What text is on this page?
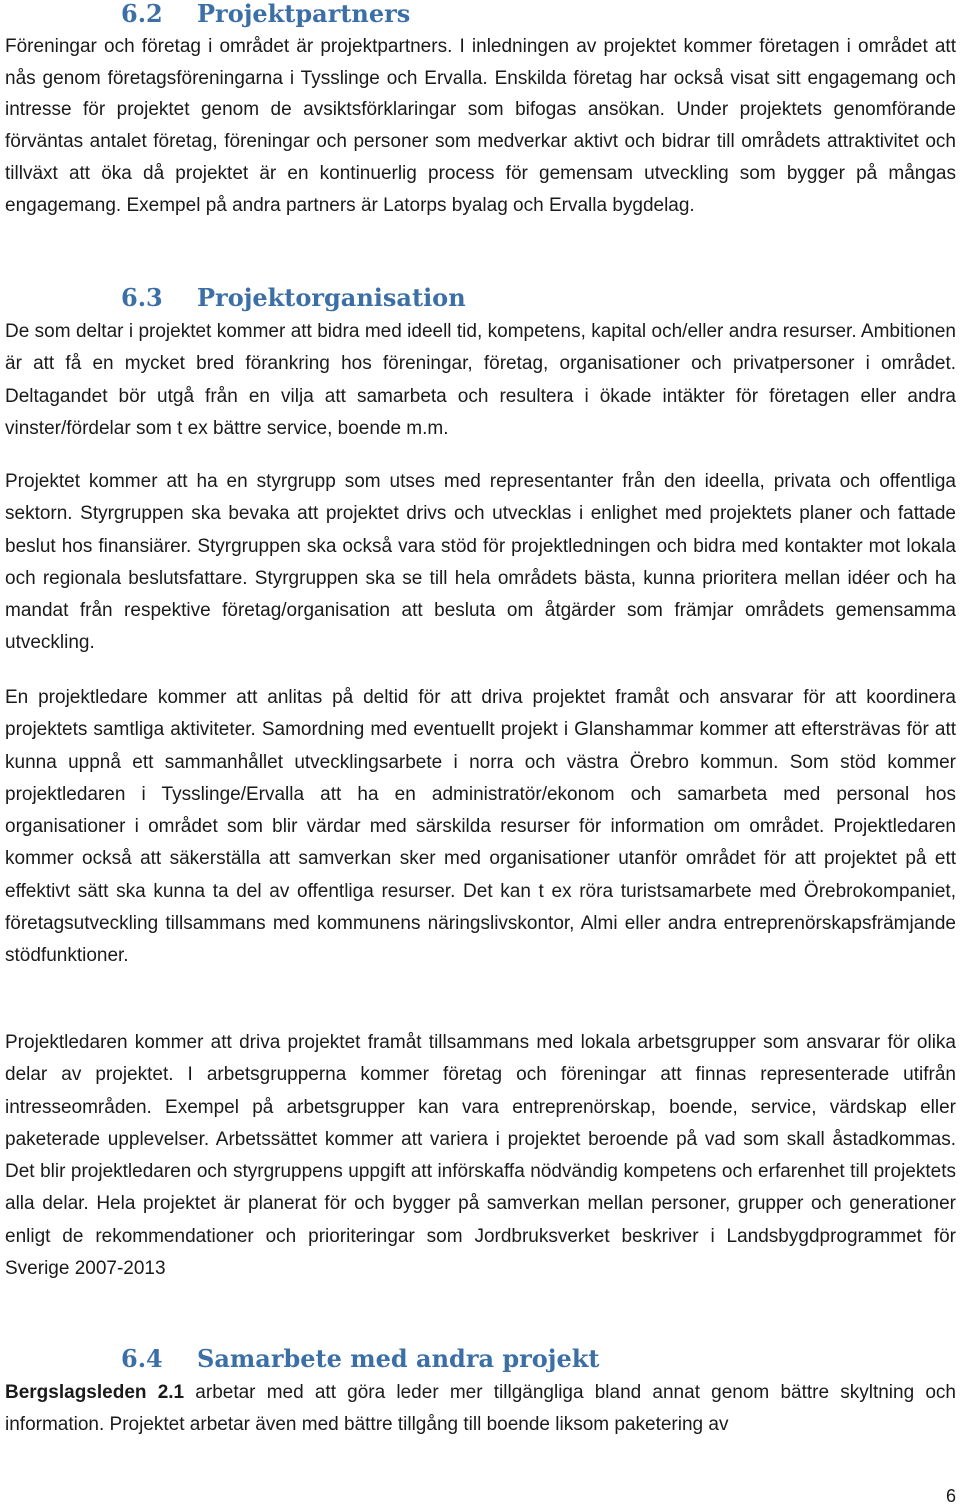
6.2 Projektpartners

Föreningar och företag i området är projektpartners. I inledningen av projektet kommer företagen i området att nås genom företagsföreningarna i Tysslinge och Ervalla. Enskilda företag har också visat sitt engagemang och intresse för projektet genom de avsiktsförklaringar som bifogas ansökan. Under projektets genomförande förväntas antalet företag, föreningar och personer som medverkar aktivt och bidrar till områdets attraktivitet och tillväxt att öka då projektet är en kontinuerlig process för gemensam utveckling som bygger på mångas engagemang. Exempel på andra partners är Latorps byalag och Ervalla bygdelag.

6.3 Projektorganisation

De som deltar i projektet kommer att bidra med ideell tid, kompetens, kapital och/eller andra resurser. Ambitionen är att få en mycket bred förankring hos föreningar, företag, organisationer och privatpersoner i området. Deltagandet bör utgå från en vilja att samarbeta och resultera i ökade intäkter för företagen eller andra vinster/fördelar som t ex bättre service, boende m.m.

Projektet kommer att ha en styrgrupp som utses med representanter från den ideella, privata och offentliga sektorn. Styrgruppen ska bevaka att projektet drivs och utvecklas i enlighet med projektets planer och fattade beslut hos finansiärer. Styrgruppen ska också vara stöd för projektledningen och bidra med kontakter mot lokala och regionala beslutsfattare. Styrgruppen ska se till hela områdets bästa, kunna prioritera mellan idéer och ha mandat från respektive företag/organisation att besluta om åtgärder som främjar områdets gemensamma utveckling.

En projektledare kommer att anlitas på deltid för att driva projektet framåt och ansvarar för att koordinera projektets samtliga aktiviteter. Samordning med eventuellt projekt i Glanshammar kommer att eftersträvas för att kunna uppnå ett sammanhållet utvecklingsarbete i norra och västra Örebro kommun. Som stöd kommer projektledaren i Tysslinge/Ervalla att ha en administratör/ekonom och samarbeta med personal hos organisationer i området som blir värdar med särskilda resurser för information om området. Projektledaren kommer också att säkerställa att samverkan sker med organisationer utanför området för att projektet på ett effektivt sätt ska kunna ta del av offentliga resurser. Det kan t ex röra turistsamarbete med Örebrokompaniet, företagsutveckling tillsammans med kommunens näringslivskontor, Almi eller andra entreprenörskapsfrämjande stödfunktioner.

Projektledaren kommer att driva projektet framåt tillsammans med lokala arbetsgrupper som ansvarar för olika delar av projektet. I arbetsgrupperna kommer företag och föreningar att finnas representerade utifrån intresseområden. Exempel på arbetsgrupper kan vara entreprenörskap, boende, service, värdskap eller paketerade upplevelser. Arbetssättet kommer att variera i projektet beroende på vad som skall åstadkommas. Det blir projektledaren och styrgruppens uppgift att införskaffa nödvändig kompetens och erfarenhet till projektets alla delar. Hela projektet är planerat för och bygger på samverkan mellan personer, grupper och generationer enligt de rekommendationer och prioriteringar som Jordbruksverket beskriver i Landsbygdprogrammet för Sverige 2007-2013

6.4 Samarbete med andra projekt

Bergslagsleden 2.1 arbetar med att göra leder mer tillgängliga bland annat genom bättre skyltning och information. Projektet arbetar även med bättre tillgång till boende liksom paketering av

6
